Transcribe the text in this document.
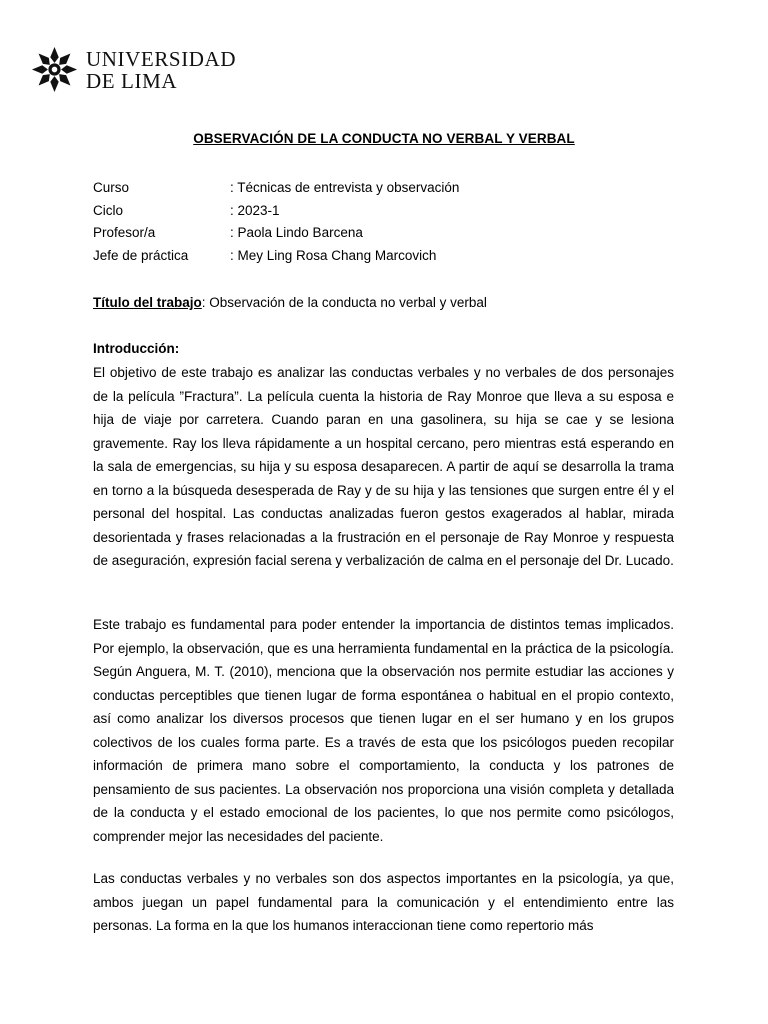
UNIVERSIDAD
DE LIMA
OBSERVACIÓN DE LA CONDUCTA NO VERBAL Y VERBAL
Curso	: Técnicas de entrevista y observación
Ciclo	: 2023-1
Profesor/a	: Paola Lindo Barcena
Jefe de práctica	: Mey Ling Rosa Chang Marcovich
Título del trabajo: Observación de la conducta no verbal y verbal
Introducción:

El objetivo de este trabajo es analizar las conductas verbales y no verbales de dos personajes de la película ”Fractura”. La película cuenta la historia de Ray Monroe que lleva a su esposa e hija de viaje por carretera. Cuando paran en una gasolinera, su hija se cae y se lesiona gravemente. Ray los lleva rápidamente a un hospital cercano, pero mientras está esperando en la sala de emergencias, su hija y su esposa desaparecen. A partir de aquí se desarrolla la trama en torno a la búsqueda desesperada de Ray y de su hija y las tensiones que surgen entre él y el personal del hospital. Las conductas analizadas fueron gestos exagerados al hablar, mirada desorientada y frases relacionadas a la frustración en el personaje de Ray Monroe y respuesta de aseguración, expresión facial serena y verbalización de calma en el personaje del Dr. Lucado.

Este trabajo es fundamental para poder entender la importancia de distintos temas implicados. Por ejemplo, la observación, que es una herramienta fundamental en la práctica de la psicología. Según Anguera, M. T. (2010), menciona que la observación nos permite estudiar las acciones y conductas perceptibles que tienen lugar de forma espontánea o habitual en el propio contexto, así como analizar los diversos procesos que tienen lugar en el ser humano y en los grupos colectivos de los cuales forma parte. Es a través de esta que los psicólogos pueden recopilar información de primera mano sobre el comportamiento, la conducta y los patrones de pensamiento de sus pacientes. La observación nos proporciona una visión completa y detallada de la conducta y el estado emocional de los pacientes, lo que nos permite como psicólogos, comprender mejor las necesidades del paciente.

Las conductas verbales y no verbales son dos aspectos importantes en la psicología, ya que, ambos juegan un papel fundamental para la comunicación y el entendimiento entre las personas. La forma en la que los humanos interaccionan tiene como repertorio más
